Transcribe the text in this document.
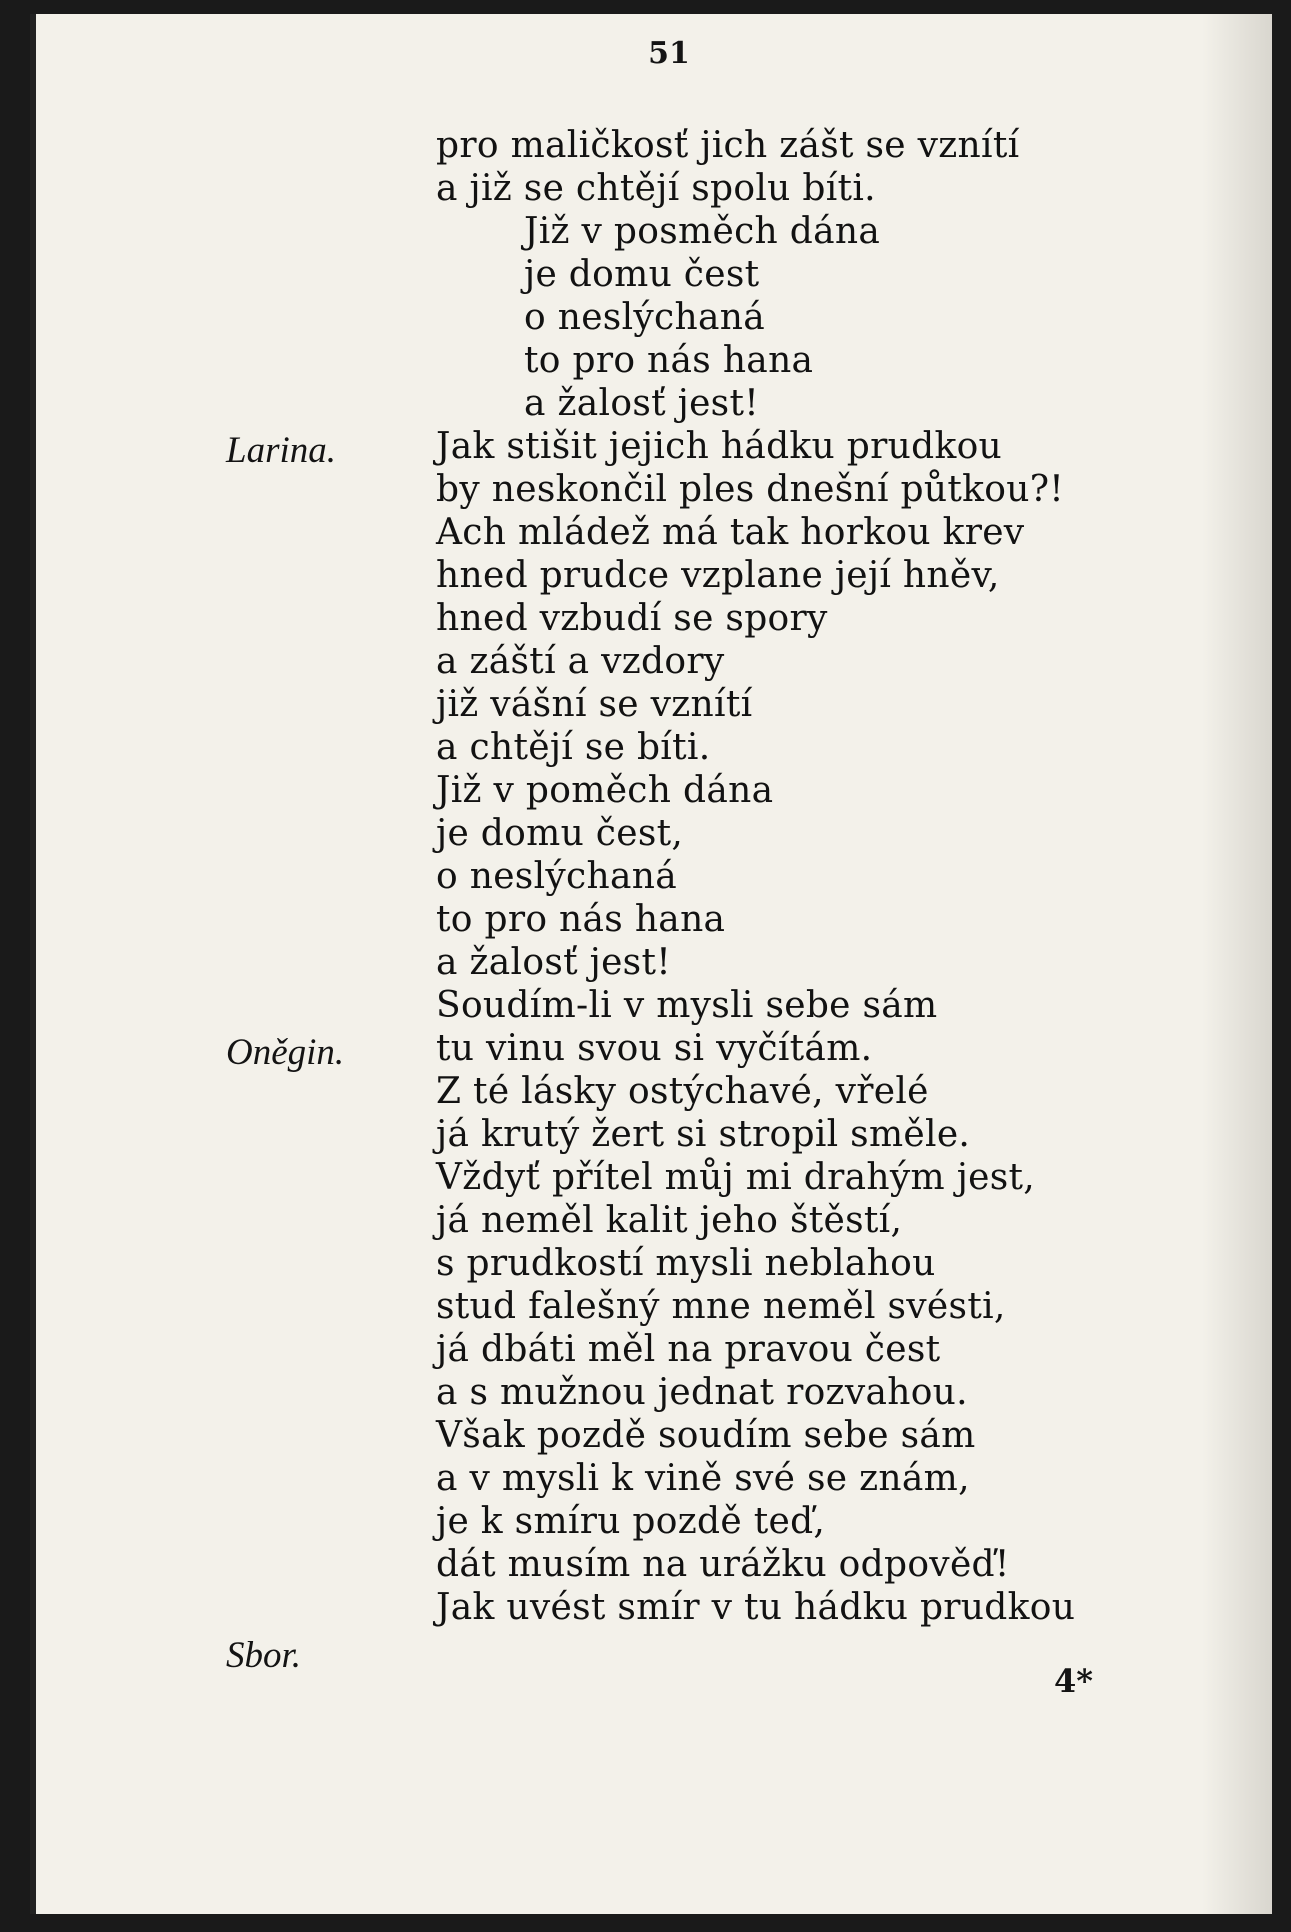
51
Larina.
Oněgin.
Sbor.
pro maličkosť jich zášt se vznítí
a již se chtějí spolu bíti.
Již v posměch dána
je domu čest
o neslýchaná
to pro nás hana
a žalosť jest!
Jak stišit jejich hádku prudkou
by neskončil ples dnešní půtkou?!
Ach mládež má tak horkou krev
hned prudce vzplane její hněv,
hned vzbudí se spory
a záští a vzdory
již vášní se vznítí
a chtějí se bíti.
Již v poměch dána
je domu čest,
o neslýchaná
to pro nás hana
a žalosť jest!
Soudím-li v mysli sebe sám
tu vinu svou si vyčítám.
Z té lásky ostýchavé, vřelé
já krutý žert si stropil směle.
Vždyť přítel můj mi drahým jest,
já neměl kalit jeho štěstí,
s prudkostí mysli neblahou
stud falešný mne neměl svésti,
já dbáti měl na pravou čest
a s mužnou jednat rozvahou.
Však pozdě soudím sebe sám
a v mysli k vině své se znám,
je k smíru pozdě teď,
dát musím na urážku odpověď!
Jak uvést smír v tu hádku prudkou
4*
